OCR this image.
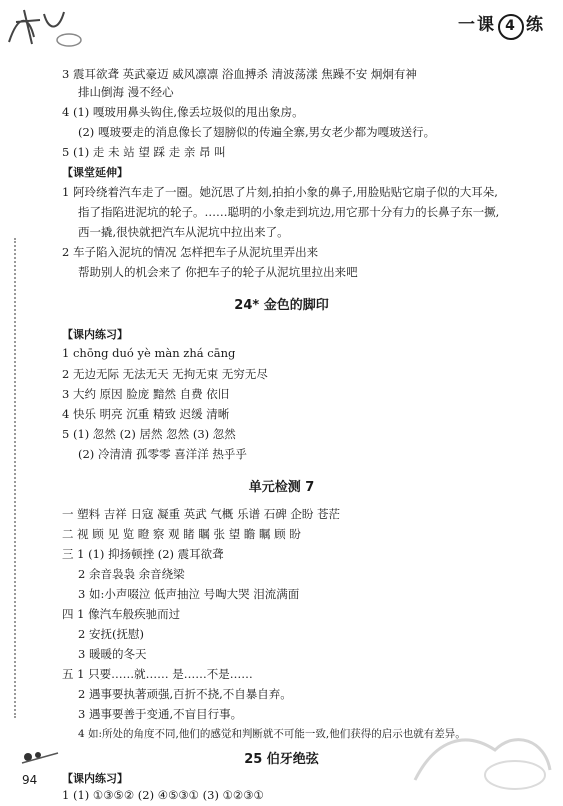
一课 4 练
3 震耳欲聋 英武豪迈 威风凛凛 浴血搏杀 清波荡漾 焦躁不安 炯炯有神
排山倒海 漫不经心
4 (1) 嘎玻用鼻头钩住,像丢垃圾似的甩出象房。
(2) 嘎玻要走的消息像长了翅膀似的传遍全寨,男女老少都为嘎玻送行。
5 (1) 走 未 站 望 踩 走 亲 昂 叫
【课堂延伸】
1 阿玲绕着汽车走了一圈。她沉思了片刻,拍拍小象的鼻子,用脸贴贴它扇子似的大耳朵,
指了指陷进泥坑的轮子。……聪明的小象走到坑边,用它那十分有力的长鼻子东一撅,
西一撬,很快就把汽车从泥坑中拉出来了。
2 车子陷入泥坑的情况 怎样把车子从泥坑里弄出来
帮助别人的机会来了 你把车子的轮子从泥坑里拉出来吧
24* 金色的脚印
【课内练习】
1 chōng duó yè màn zhá cāng
2 无边无际 无法无天 无拘无束 无穷无尽
3 大约 原因 脸庞 黯然 自费 依旧
4 快乐 明亮 沉重 精致 迟缓 清晰
5 (1) 忽然 (2) 居然 忽然 (3) 忽然
(2) 冷清清 孤零零 喜洋洋 热乎乎
单元检测 7
一 塑料 吉祥 日寇 凝重 英武 气概 乐谱 石碑 企盼 苍茫
二 视 顾 见 览 瞪 察 观 睹 瞩 张 望 瞻 瞩 顾 盼
三 1 (1) 抑扬顿挫 (2) 震耳欲聋
2 余音袅袅 余音绕梁
3 如:小声啜泣 低声抽泣 号啕大哭 泪流满面
四 1 像汽车般疾驰而过
2 安抚(抚慰)
3 暖暖的冬天
五 1 只要……就…… 是……不是……
2 遇事要执著顽强,百折不挠,不自暴自弃。
3 遇事要善于变通,不盲目行事。
4 如:所处的角度不同,他们的感觉和判断就不可能一致,他们获得的启示也就有差异。
25 伯牙绝弦
【课内练习】
1 (1) ①③⑤② (2) ④⑤③① (3) ①②③①
94
